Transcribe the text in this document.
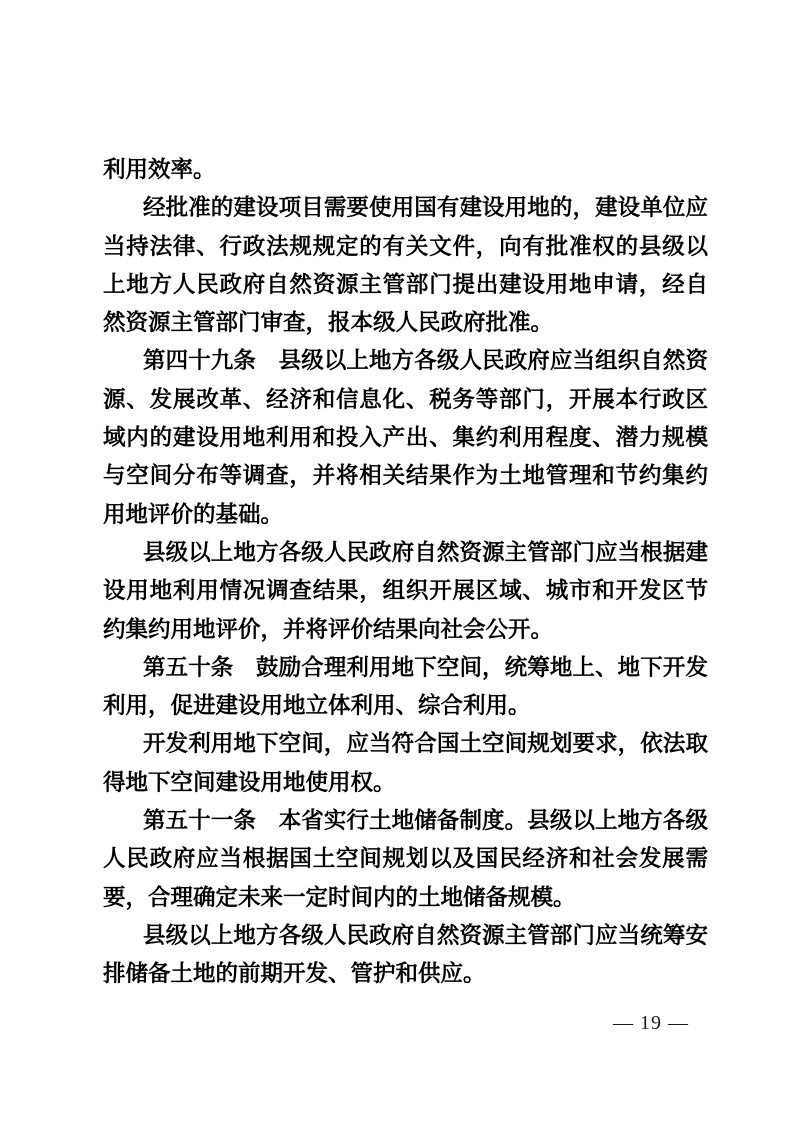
利用效率。

经批准的建设项目需要使用国有建设用地的，建设单位应当持法律、行政法规规定的有关文件，向有批准权的县级以上地方人民政府自然资源主管部门提出建设用地申请，经自然资源主管部门审查，报本级人民政府批准。

第四十九条　县级以上地方各级人民政府应当组织自然资源、发展改革、经济和信息化、税务等部门，开展本行政区域内的建设用地利用和投入产出、集约利用程度、潜力规模与空间分布等调查，并将相关结果作为土地管理和节约集约用地评价的基础。

县级以上地方各级人民政府自然资源主管部门应当根据建设用地利用情况调查结果，组织开展区域、城市和开发区节约集约用地评价，并将评价结果向社会公开。

第五十条　鼓励合理利用地下空间，统筹地上、地下开发利用，促进建设用地立体利用、综合利用。

开发利用地下空间，应当符合国土空间规划要求，依法取得地下空间建设用地使用权。

第五十一条　本省实行土地储备制度。县级以上地方各级人民政府应当根据国土空间规划以及国民经济和社会发展需要，合理确定未来一定时间内的土地储备规模。

县级以上地方各级人民政府自然资源主管部门应当统筹安排储备土地的前期开发、管护和供应。

— 19 —
